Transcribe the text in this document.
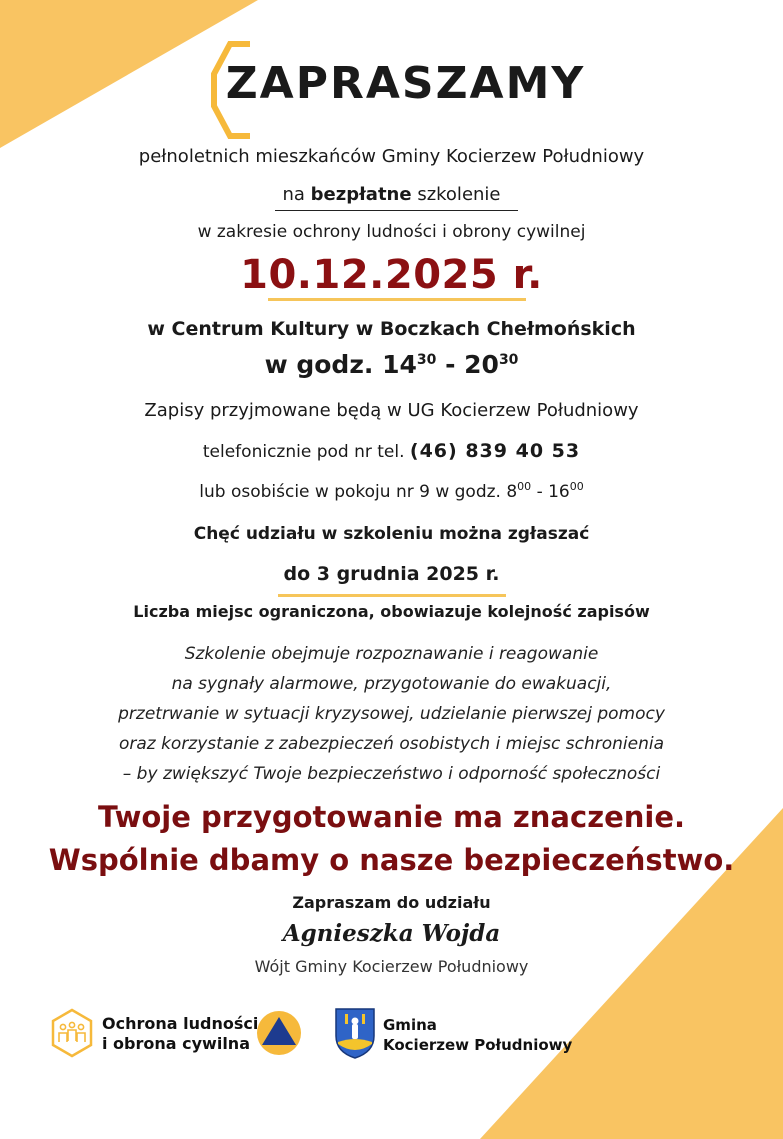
ZAPRASZAMY
pełnoletnich mieszkańców Gminy Kocierzew Południowy
na bezpłatne szkolenie
w zakresie ochrony ludności i obrony cywilnej
10.12.2025 r.
w Centrum Kultury w Boczkach Chełmońskich
w godz. $14^{30} - 20^{30}$
Zapisy przyjmowane będą w UG Kocierzew Południowy
telefonicznie pod nr tel. (46) 839 40 53
lub osobiście w pokoju nr 9 w godz. $8^{00} - 16^{00}$
Chęć udziału w szkoleniu można zgłaszać
do 3 grudnia 2025 r.
Liczba miejsc ograniczona, obowiazuje kolejność zapisów
Szkolenie obejmuje rozpoznawanie i reagowanie
na sygnały alarmowe, przygotowanie do ewakuacji,
przetrwanie w sytuacji kryzysowej, udzielanie pierwszej pomocy
oraz korzystanie z zabezpieczeń osobistych i miejsc schronienia
– by zwiększyć Twoje bezpieczeństwo i odporność społeczności
Twoje przygotowanie ma znaczenie.
Wspólnie dbamy o nasze bezpieczeństwo.
Zapraszam do udziału
Agnieszka Wojda
Wójt Gminy Kocierzew Południowy
Ochrona ludności
i obrona cywilna
Gmina
Kocierzew Południowy
